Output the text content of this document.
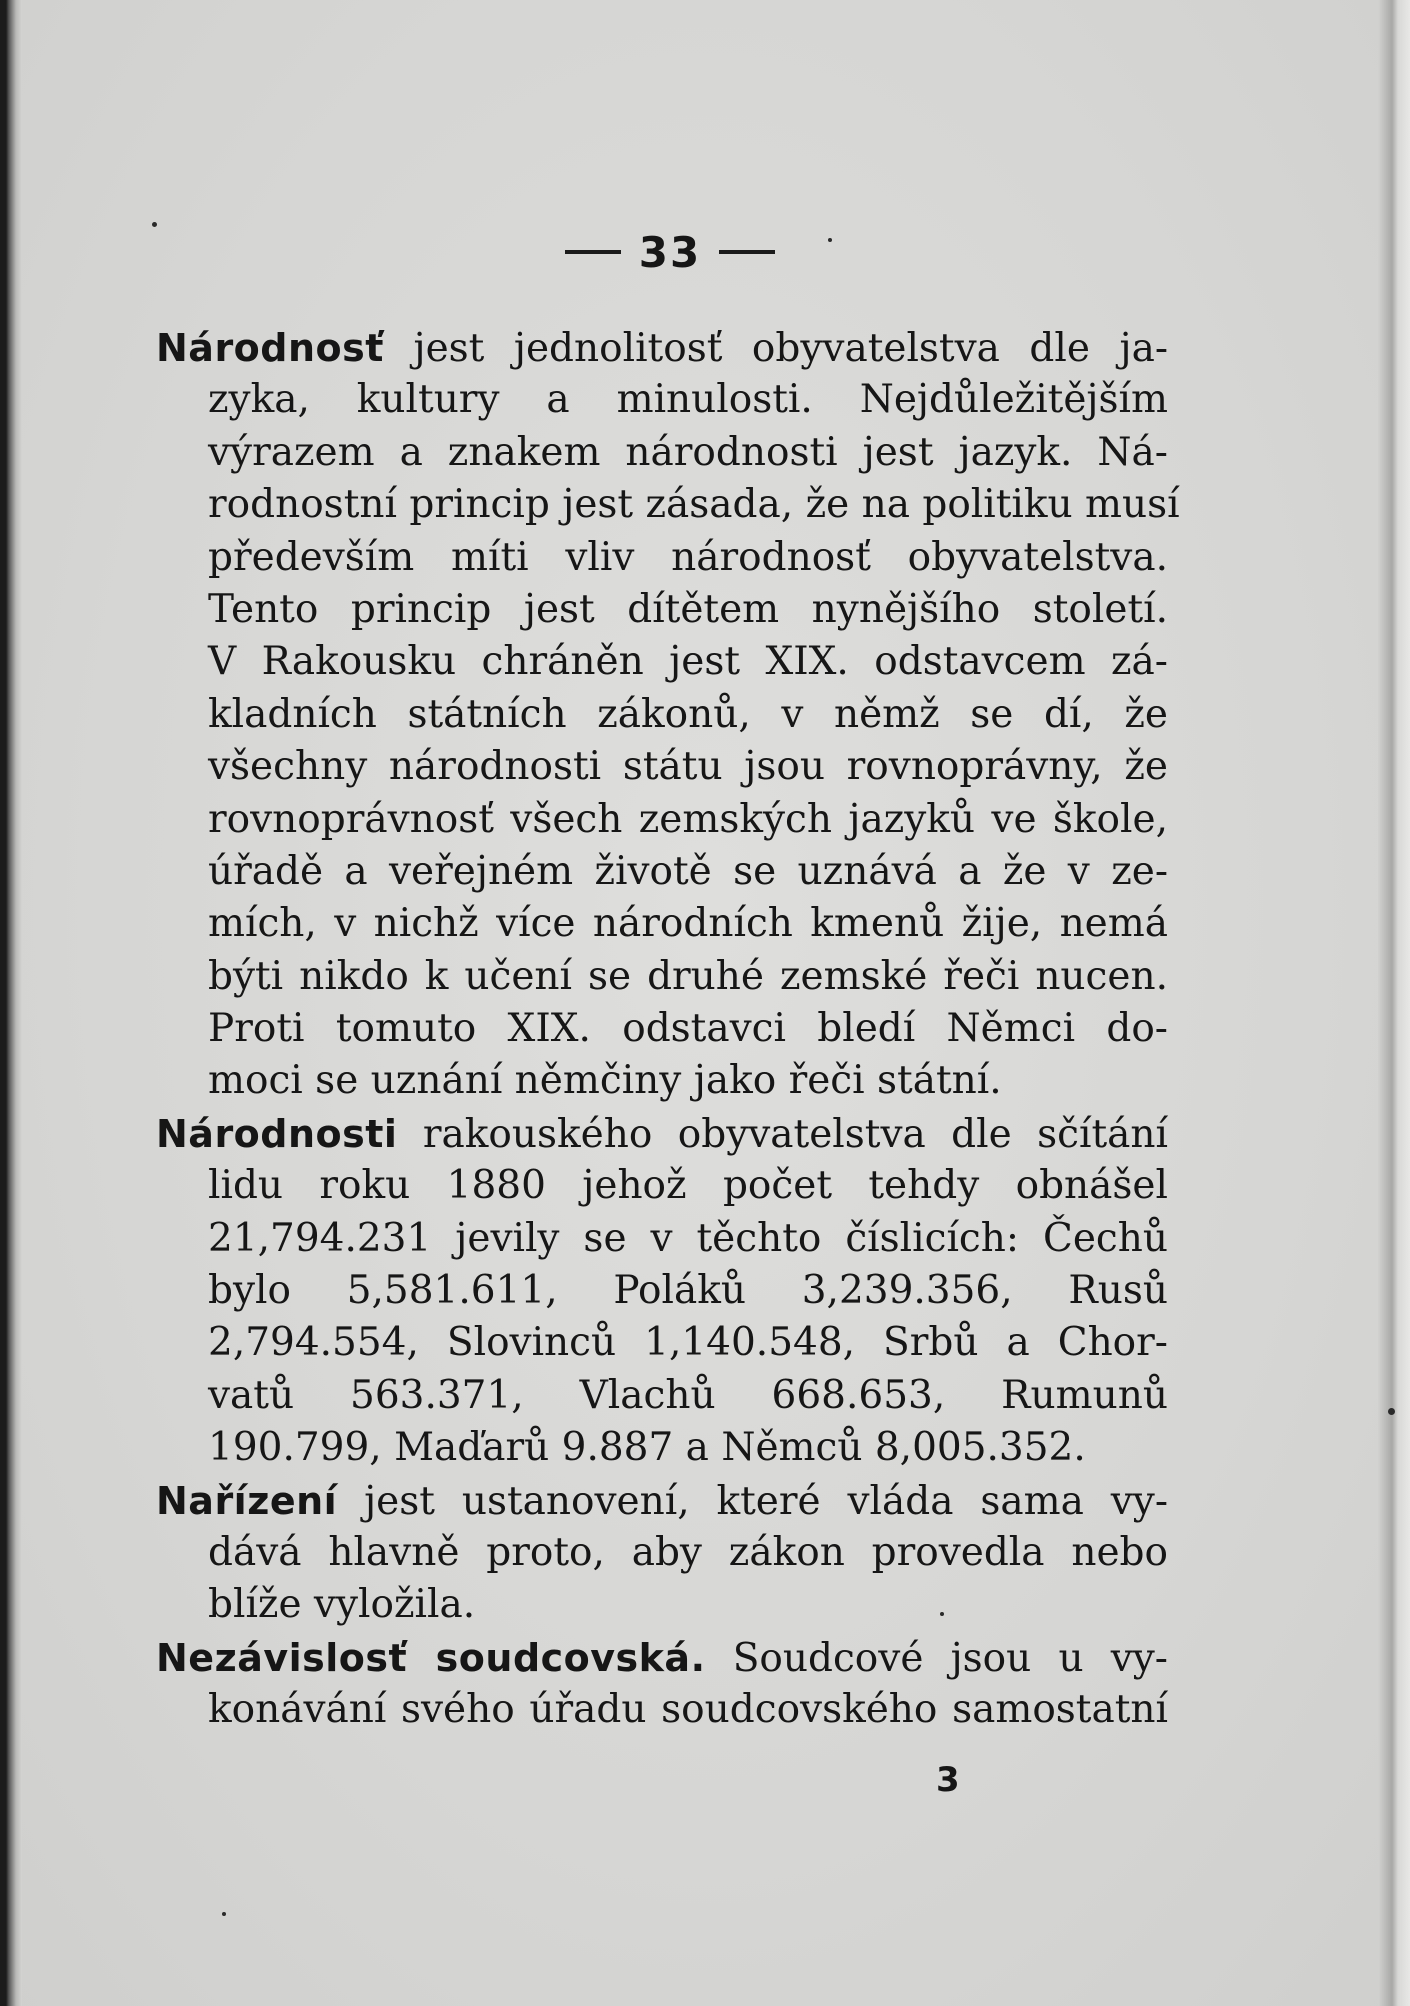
33
Národnosť jest jednolitosť obyvatelstva dle ja-
zyka, kultury a minulosti. Nejdůležitějším
výrazem a znakem národnosti jest jazyk. Ná-
rodnostní princip jest zásada, že na politiku musí
především míti vliv národnosť obyvatelstva.
Tento princip jest dítětem nynějšího století.
V Rakousku chráněn jest XIX. odstavcem zá-
kladních státních zákonů, v němž se dí, že
všechny národnosti státu jsou rovnoprávny, že
rovnoprávnosť všech zemských jazyků ve škole,
úřadě a veřejném životě se uznává a že v ze-
mích, v nichž více národních kmenů žije, nemá
býti nikdo k učení se druhé zemské řeči nucen.
Proti tomuto XIX. odstavci bledí Němci do-
moci se uznání němčiny jako řeči státní.
Národnosti rakouského obyvatelstva dle sčítání
lidu roku 1880 jehož počet tehdy obnášel
21,794.231 jevily se v těchto číslicích: Čechů
bylo 5,581.611, Poláků 3,239.356, Rusů
2,794.554, Slovinců 1,140.548, Srbů a Chor-
vatů 563.371, Vlachů 668.653, Rumunů
190.799, Maďarů 9.887 a Němců 8,005.352.
Nařízení jest ustanovení, které vláda sama vy-
dává hlavně proto, aby zákon provedla nebo
blíže vyložila.
Nezávislosť soudcovská. Soudcové jsou u vy-
konávání svého úřadu soudcovského samostatní
3
